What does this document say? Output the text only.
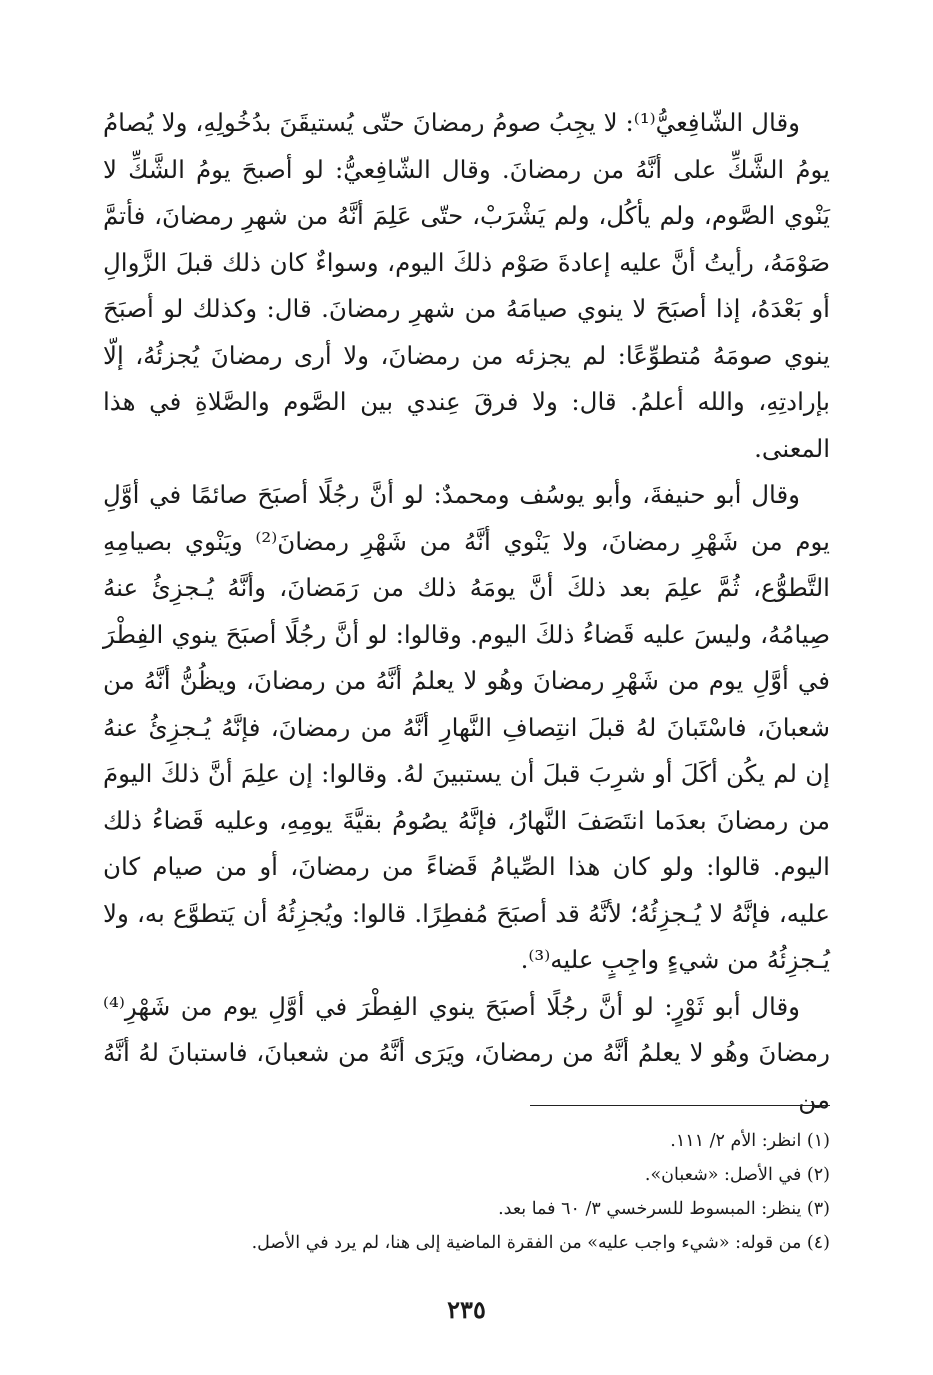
وقال الشّافِعيُّ⁽¹⁾: لا يجِبُ صومُ رمضانَ حتّى يُستيقَنَ بدُخُولِهِ، ولا يُصامُ يومُ الشَّكِّ على أنَّهُ من رمضانَ. وقال الشّافِعيُّ: لو أصبحَ يومُ الشَّكِّ لا يَنْوي الصَّوم، ولم يأكُل، ولم يَشْرَبْ، حتّى عَلِمَ أنَّهُ من شهرِ رمضانَ، فأتمَّ صَوْمَهُ، رأيتُ أنَّ عليه إعادةَ صَوْم ذلكَ اليوم، وسواءٌ كان ذلك قبلَ الزَّوالِ أو بَعْدَهُ، إذا أصبَحَ لا ينوي صيامَهُ من شهرِ رمضانَ. قال: وكذلك لو أصبَحَ ينوي صومَهُ مُتطوِّعًا: لم يجزئه من رمضانَ، ولا أرى رمضانَ يُجزئُهُ، إلّا بإرادتِهِ، والله أعلمُ. قال: ولا فرقَ عِندي بين الصَّوم والصَّلاةِ في هذا المعنى.

وقال أبو حنيفةَ، وأبو يوسُف ومحمدٌ: لو أنَّ رجُلًا أصبَحَ صائمًا في أوَّلِ يوم من شَهْرِ رمضانَ، ولا يَنْوي أنَّهُ من شَهْرِ رمضانَ⁽²⁾ ويَنْوي بصيامِهِ التَّطوُّع، ثُمَّ علِمَ بعد ذلكَ أنَّ يومَهُ ذلك من رَمَضانَ، وأنَّهُ يُـجزِئُ عنهُ صِيامُهُ، وليسَ عليه قَضاءُ ذلكَ اليوم. وقالوا: لو أنَّ رجُلًا أصبَحَ ينوي الفِطْرَ في أوَّلِ يوم من شَهْرِ رمضانَ وهُو لا يعلمُ أنَّهُ من رمضانَ، ويظُنُّ أنَّهُ من شعبانَ، فاسْتَبانَ لهُ قبلَ انتِصافِ النَّهارِ أنَّهُ من رمضانَ، فإنَّهُ يُـجزِئُ عنهُ إن لم يكُن أكَلَ أو شرِبَ قبلَ أن يستبينَ لهُ. وقالوا: إن علِمَ أنَّ ذلكَ اليومَ من رمضانَ بعدَما انتَصَفَ النَّهارُ، فإنَّهُ يصُومُ بقيَّةَ يومِهِ، وعليه قَضاءُ ذلك اليوم. قالوا: ولو كان هذا الصِّيامُ قَضاءً من رمضانَ، أو من صيام كان عليه، فإنَّهُ لا يُـجزِئُهُ؛ لأنَّهُ قد أصبَحَ مُفطِرًا. قالوا: ويُجزِئُهُ أن يَتطوَّع به، ولا يُـجزِئُهُ من شيءٍ واجِبٍ عليه⁽³⁾.

وقال أبو ثَوْرٍ: لو أنَّ رجُلًا أصبَحَ ينوي الفِطْرَ في أوَّلِ يوم من شَهْرِ⁽⁴⁾ رمضانَ وهُو لا يعلمُ أنَّهُ من رمضانَ، ويَرَى أنَّهُ من شعبانَ، فاستبانَ لهُ أنَّهُ من

(١) انظر: الأم ٢/ ١١١.

(٢) في الأصل: «شعبان».

(٣) ينظر: المبسوط للسرخسي ٣/ ٦٠ فما بعد.

(٤) من قوله: «شيء واجب عليه» من الفقرة الماضية إلى هنا، لم يرد في الأصل.

٢٣٥
